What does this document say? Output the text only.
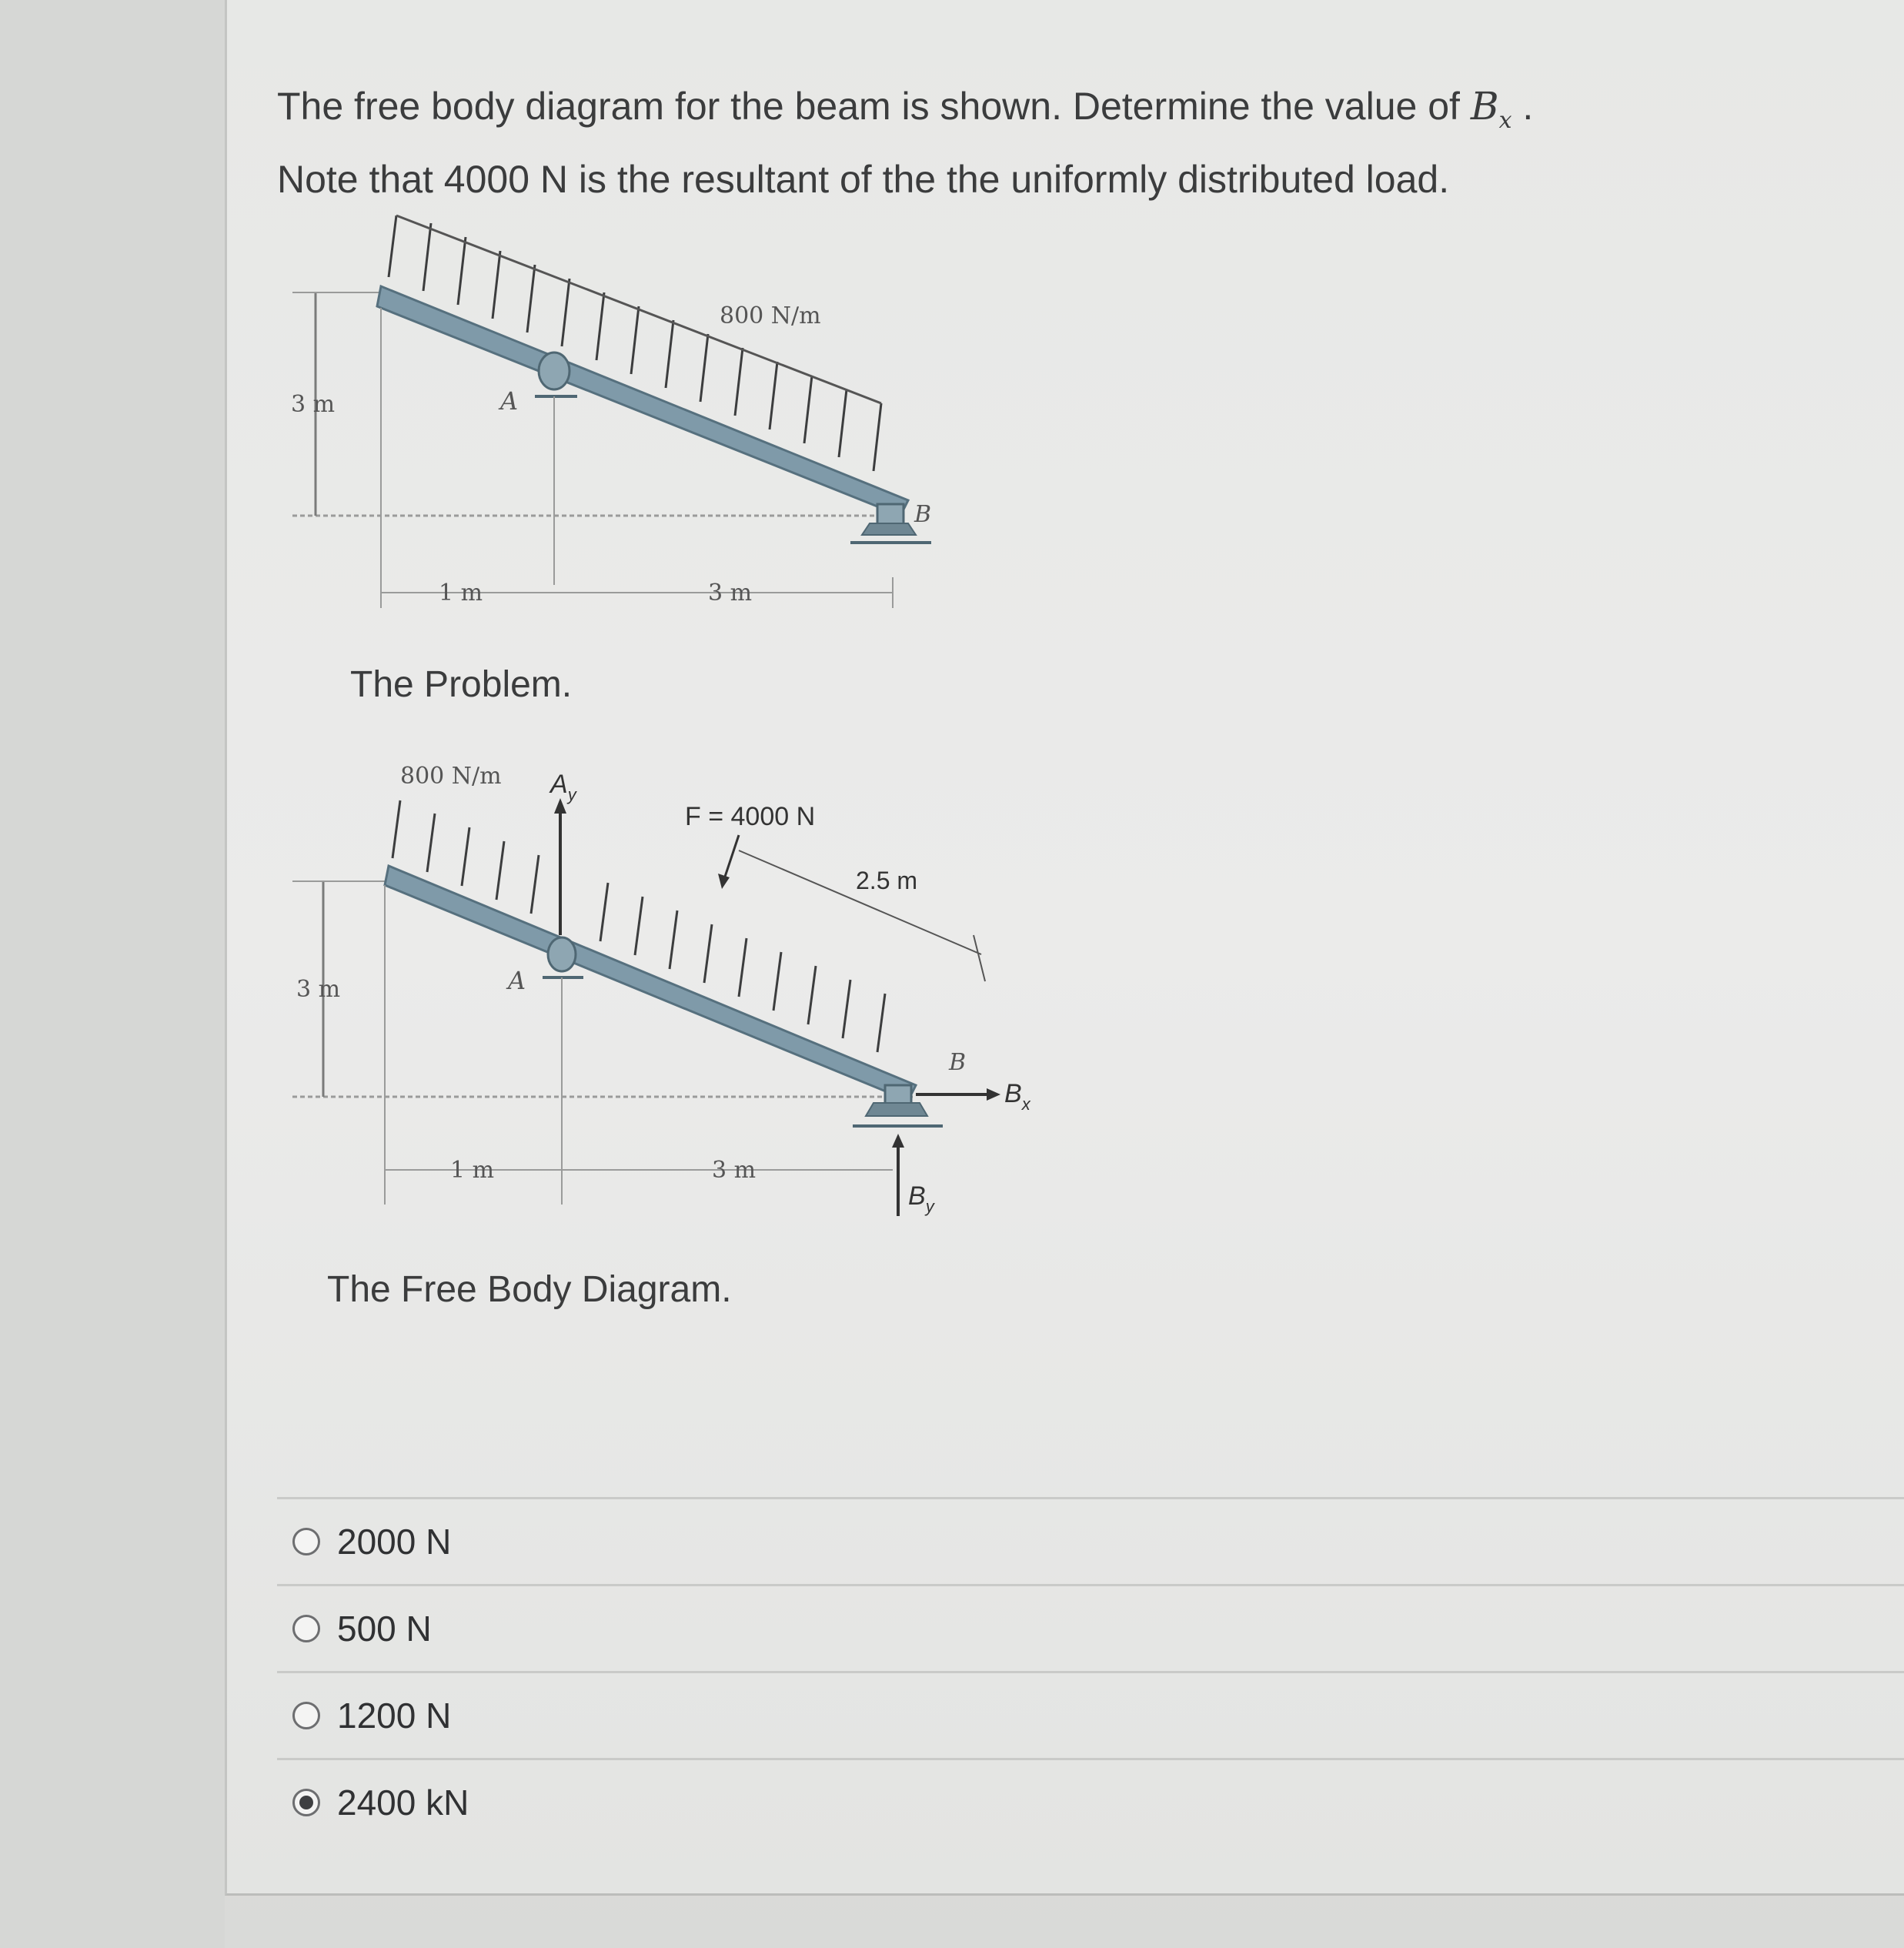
The free body diagram for the beam is shown. Determine the value of $B_x$ .
Note that 4000 N is the resultant of the the uniformly distributed load.
3 m
800 N/m
A
B
1 m	3 m
The Problem.
800 N/m $A_y$
F = 4000 N
2.5 m
3 m	A
B
$B_x$
$B_y$
1 m	3 m
The Free Body Diagram.
2000 N
500 N
1200 N
2400 kN
